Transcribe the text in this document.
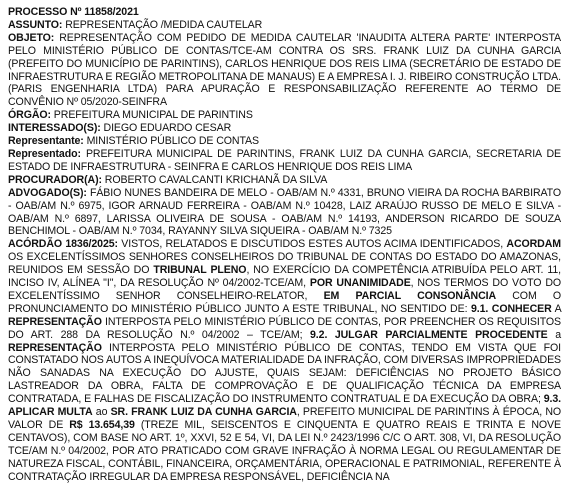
PROCESSO Nº 11858/2021

ASSUNTO: REPRESENTAÇÃO /MEDIDA CAUTELAR

OBJETO: REPRESENTAÇÃO COM PEDIDO DE MEDIDA CAUTELAR 'INAUDITA ALTERA PARTE' INTERPOSTA PELO MINISTÉRIO PÚBLICO DE CONTAS/TCE-AM CONTRA OS SRS. FRANK LUIZ DA CUNHA GARCIA (PREFEITO DO MUNICÍPIO DE PARINTINS), CARLOS HENRIQUE DOS REIS LIMA (SECRETÁRIO DE ESTADO DE INFRAESTRUTURA E REGIÃO METROPOLITANA DE MANAUS) E A EMPRESA I. J. RIBEIRO CONSTRUÇÃO LTDA. (PARIS ENGENHARIA LTDA) PARA APURAÇÃO E RESPONSABILIZAÇÃO REFERENTE AO TERMO DE CONVÊNIO Nº 05/2020-SEINFRA

ÓRGÃO: PREFEITURA MUNICIPAL DE PARINTINS

INTERESSADO(S): DIEGO EDUARDO CESAR

Representante: MINISTÉRIO PÚBLICO DE CONTAS

Representado: PREFEITURA MUNICIPAL DE PARINTINS, FRANK LUIZ DA CUNHA GARCIA, SECRETARIA DE ESTADO DE INFRAESTRUTURA - SEINFRA E CARLOS HENRIQUE DOS REIS LIMA

PROCURADOR(A): ROBERTO CAVALCANTI KRICHANÃ DA SILVA

ADVOGADO(S): FÁBIO NUNES BANDEIRA DE MELO - OAB/AM N.º 4331, BRUNO VIEIRA DA ROCHA BARBIRATO - OAB/AM N.º 6975, IGOR ARNAUD FERREIRA - OAB/AM N.º 10428, LAIZ ARAÚJO RUSSO DE MELO E SILVA - OAB/AM N.º 6897, LARISSA OLIVEIRA DE SOUSA - OAB/AM N.º 14193, ANDERSON RICARDO DE SOUZA BENCHIMOL - OAB/AM N.º 7034, RAYANNY SILVA SIQUEIRA - OAB/AM N.º 7325

ACÓRDÃO 1836/2025: VISTOS, RELATADOS E DISCUTIDOS ESTES AUTOS ACIMA IDENTIFICADOS, ACORDAM OS EXCELENTÍSSIMOS SENHORES CONSELHEIROS DO TRIBUNAL DE CONTAS DO ESTADO DO AMAZONAS, REUNIDOS EM SESSÃO DO TRIBUNAL PLENO, NO EXERCÍCIO DA COMPETÊNCIA ATRIBUÍDA PELO ART. 11, INCISO IV, ALÍNEA "I", DA RESOLUÇÃO Nº 04/2002-TCE/AM, POR UNANIMIDADE, NOS TERMOS DO VOTO DO EXCELENTÍSSIMO SENHOR CONSELHEIRO-RELATOR, EM PARCIAL CONSONÂNCIA COM O PRONUNCIAMENTO DO MINISTÉRIO PÚBLICO JUNTO A ESTE TRIBUNAL, NO SENTIDO DE: 9.1. CONHECER A REPRESENTAÇÃO INTERPOSTA PELO MINISTÉRIO PÚBLICO DE CONTAS, POR PREENCHER OS REQUISITOS DO ART. 288 DA RESOLUÇÃO N.º 04/2002 – TCE/AM; 9.2. JULGAR PARCIALMENTE PROCEDENTE a REPRESENTAÇÃO INTERPOSTA PELO MINISTÉRIO PÚBLICO DE CONTAS, TENDO EM VISTA QUE FOI CONSTATADO NOS AUTOS A INEQUÍVOCA MATERIALIDADE DA INFRAÇÃO, COM DIVERSAS IMPROPRIEDADES NÃO SANADAS NA EXECUÇÃO DO AJUSTE, QUAIS SEJAM: DEFICIÊNCIAS NO PROJETO BÁSICO LASTREADOR DA OBRA, FALTA DE COMPROVAÇÃO E DE QUALIFICAÇÃO TÉCNICA DA EMPRESA CONTRATADA, E FALHAS DE FISCALIZAÇÃO DO INSTRUMENTO CONTRATUAL E DA EXECUÇÃO DA OBRA; 9.3. APLICAR MULTA ao SR. FRANK LUIZ DA CUNHA GARCIA, PREFEITO MUNICIPAL DE PARINTINS À ÉPOCA, NO VALOR DE R$ 13.654,39 (TREZE MIL, SEISCENTOS E CINQUENTA E QUATRO REAIS E TRINTA E NOVE CENTAVOS), COM BASE NO ART. 1º, XXVI, 52 E 54, VI, DA LEI N.º 2423/1996 C/C O ART. 308, VI, DA RESOLUÇÃO TCE/AM N.º 04/2002, POR ATO PRATICADO COM GRAVE INFRAÇÃO À NORMA LEGAL OU REGULAMENTAR DE NATUREZA FISCAL, CONTÁBIL, FINANCEIRA, ORÇAMENTÁRIA, OPERACIONAL E PATRIMONIAL, REFERENTE À CONTRATAÇÃO IRREGULAR DA EMPRESA RESPONSÁVEL, DEFICIÊNCIA NA
